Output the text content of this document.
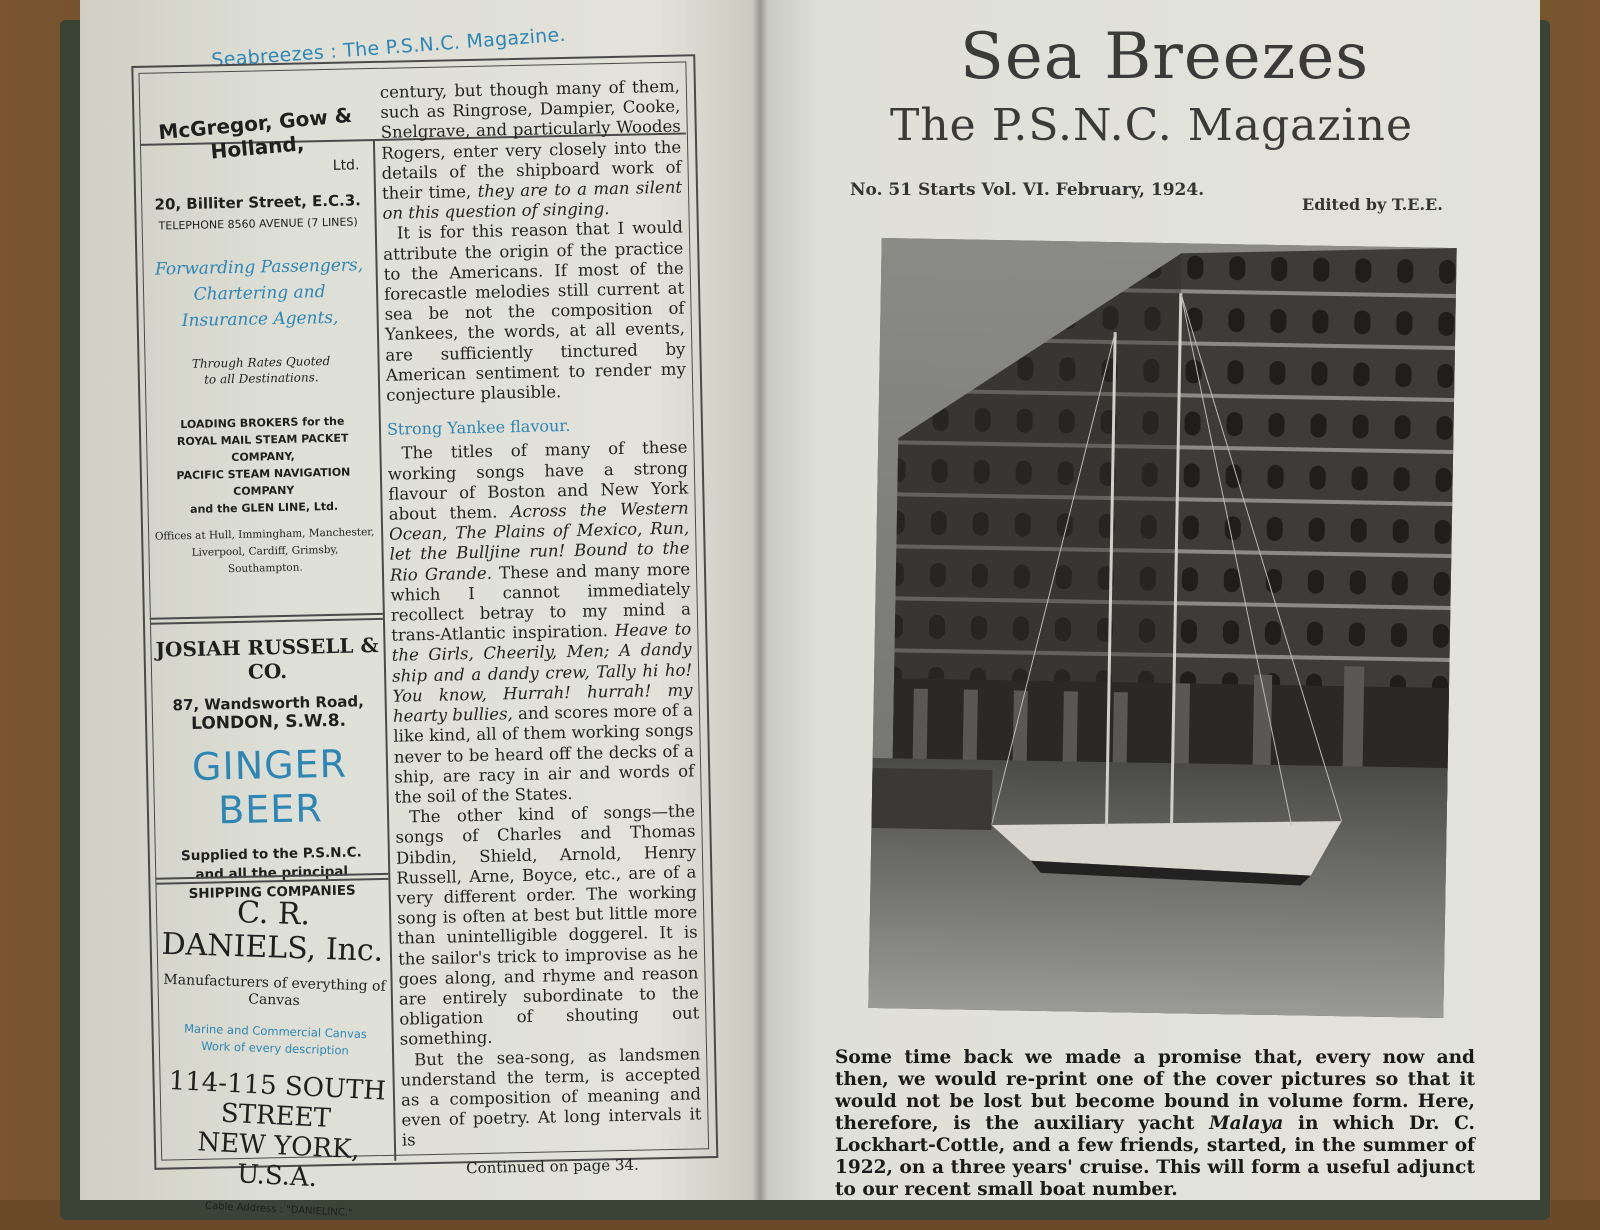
Seabreezes : The P.S.N.C. Magazine.
McGregor, Gow & Holland,
Ltd.
20, Billiter Street, E.C.3.
TELEPHONE 8560 AVENUE (7 LINES)
Forwarding Passengers,
Chartering and
Insurance Agents,
Through Rates Quoted
to all Destinations.
LOADING BROKERS for the
ROYAL MAIL STEAM PACKET COMPANY,
PACIFIC STEAM NAVIGATION COMPANY
and the GLEN LINE, Ltd.
Offices at Hull, Immingham, Manchester,
Liverpool, Cardiff, Grimsby,
Southampton.
JOSIAH RUSSELL & CO.
87, Wandsworth Road,
LONDON, S.W.8.
GINGER BEER
Supplied to the P.S.N.C.
and all the principal
SHIPPING COMPANIES
C. R. DANIELS, Inc.
Manufacturers of everything of Canvas
Marine and Commercial Canvas
Work of every description
114-115 SOUTH STREET
NEW YORK, U.S.A.
Cable Address : "DANIELINC."

century, but though many of them, such as Ringrose, Dampier, Cooke, Snelgrave, and particularly Woodes Rogers, enter very closely into the details of the shipboard work of their time, they are to a man silent on this question of singing.

It is for this reason that I would attribute the origin of the practice to the Americans. If most of the forecastle melodies still current at sea be not the composition of Yankees, the words, at all events, are sufficiently tinctured by American sentiment to render my conjecture plausible.

Strong Yankee flavour.

The titles of many of these working songs have a strong flavour of Boston and New York about them. Across the Western Ocean, The Plains of Mexico, Run, let the Bulljine run! Bound to the Rio Grande. These and many more which I cannot immediately recollect betray to my mind a trans-Atlantic inspiration. Heave to the Girls, Cheerily, Men; A dandy ship and a dandy crew, Tally hi ho! You know, Hurrah! hurrah! my hearty bullies, and scores more of a like kind, all of them working songs never to be heard off the decks of a ship, are racy in air and words of the soil of the States.

The other kind of songs—the songs of Charles and Thomas Dibdin, Shield, Arnold, Henry Russell, Arne, Boyce, etc., are of a very different order. The working song is often at best but little more than unintelligible doggerel. It is the sailor's trick to improvise as he goes along, and rhyme and reason are entirely subordinate to the obligation of shouting out something.

But the sea-song, as landsmen understand the term, is accepted as a composition of meaning and even of poetry. At long intervals it is

Continued on page 34.
Sea Breezes
The P.S.N.C. Magazine
No. 51 Starts Vol. VI. February, 1924.
Edited by T.E.E.
Some time back we made a promise that, every now and then, we would re-print one of the cover pictures so that it would not be lost but become bound in volume form. Here, therefore, is the auxiliary yacht Malaya in which Dr. C. Lockhart-Cottle, and a few friends, started, in the summer of 1922, on a three years' cruise. This will form a useful adjunct to our recent small boat number.
